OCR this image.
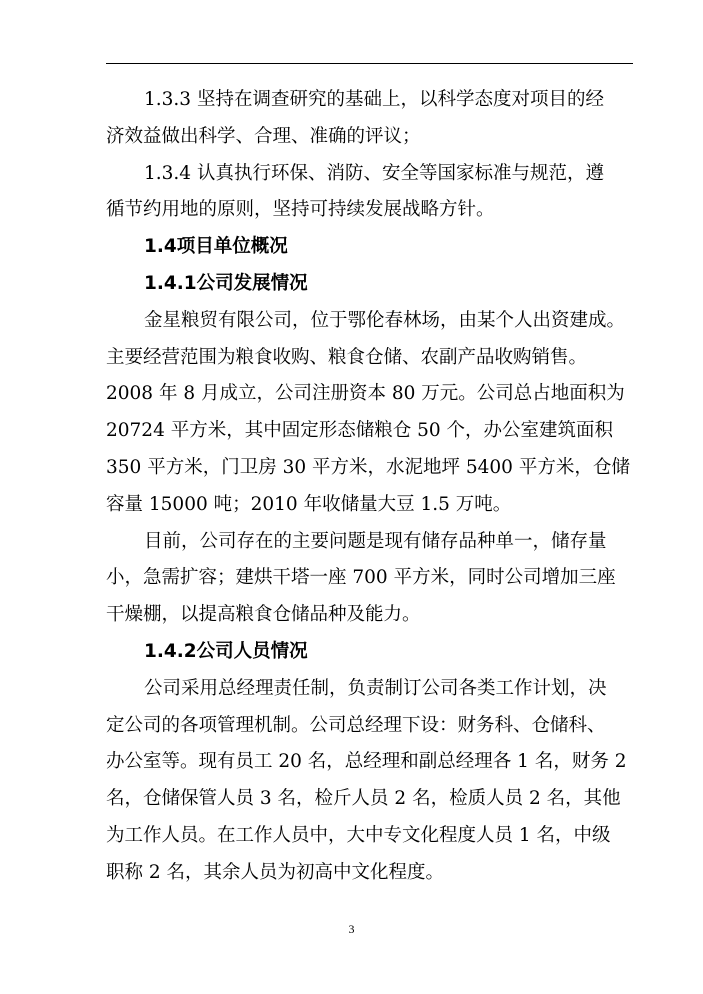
1.3.3 坚持在调查研究的基础上，以科学态度对项目的经
济效益做出科学、合理、准确的评议；
1.3.4 认真执行环保、消防、安全等国家标准与规范，遵
循节约用地的原则，坚持可持续发展战略方针。
1.4项目单位概况
1.4.1公司发展情况
金星粮贸有限公司，位于鄂伦春林场，由某个人出资建成。
主要经营范围为粮食收购、粮食仓储、农副产品收购销售。
2008 年 8 月成立，公司注册资本 80 万元。公司总占地面积为
20724 平方米，其中固定形态储粮仓 50 个，办公室建筑面积
350 平方米，门卫房 30 平方米，水泥地坪 5400 平方米，仓储
容量 15000 吨；2010 年收储量大豆 1.5 万吨。
目前，公司存在的主要问题是现有储存品种单一，储存量
小，急需扩容；建烘干塔一座 700 平方米，同时公司增加三座
干燥棚，以提高粮食仓储品种及能力。
1.4.2公司人员情况
公司采用总经理责任制，负责制订公司各类工作计划，决
定公司的各项管理机制。公司总经理下设：财务科、仓储科、
办公室等。现有员工 20 名，总经理和副总经理各 1 名，财务 2
名，仓储保管人员 3 名，检斤人员 2 名，检质人员 2 名，其他
为工作人员。在工作人员中，大中专文化程度人员 1 名，中级
职称 2 名，其余人员为初高中文化程度。
3
